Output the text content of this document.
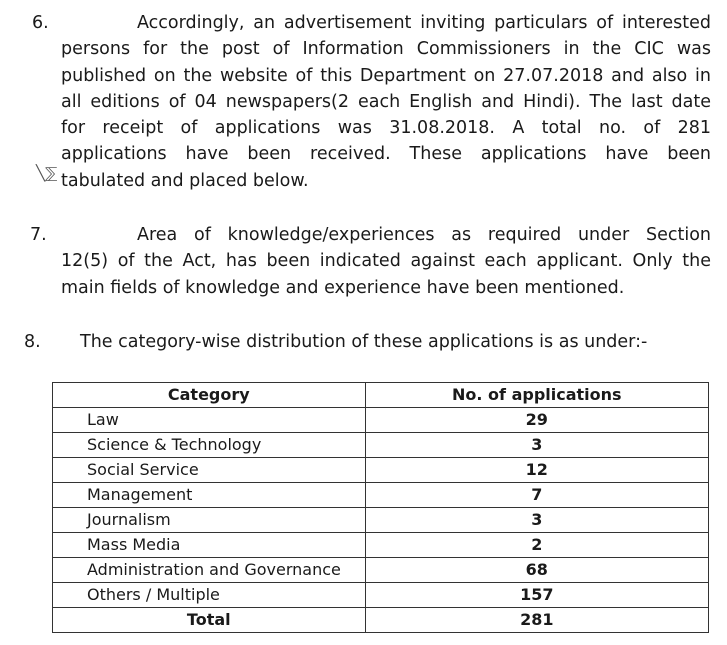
6.	Accordingly, an advertisement inviting particulars of interested
persons for the post of Information Commissioners in the CIC was
published on the website of this Department on 27.07.2018 and also in
all editions of 04 newspapers(2 each English and Hindi). The last date
for receipt of applications was 31.08.2018. A total no. of 281
applications have been received. These applications have been
tabulated and placed below.
╲⅀
7.	Area of knowledge/experiences as required under Section
12(5) of the Act, has been indicated against each applicant. Only the
main fields of knowledge and experience have been mentioned.
8. The category-wise distribution of these applications is as under:-
Category	No. of applications
Law	29
Science & Technology	3
Social Service	12
Management	7
Journalism	3
Mass Media	2
Administration and Governance	68
Others / Multiple	157
Total	281
